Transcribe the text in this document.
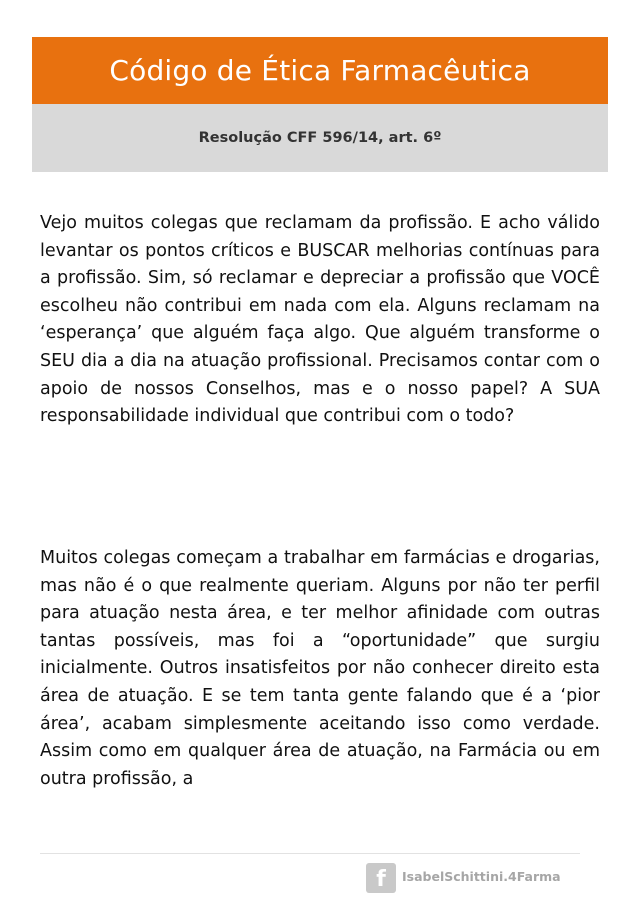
Código de Ética Farmacêutica
Resolução CFF 596/14, art. 6º

Vejo muitos colegas que reclamam da profissão. E acho válido levantar os pontos críticos e BUSCAR melhorias contínuas para a profissão. Sim, só reclamar e depreciar a profissão que VOCÊ escolheu não contribui em nada com ela. Alguns reclamam na ‘esperança’ que alguém faça algo. Que alguém transforme o SEU dia a dia na atuação profissional. Precisamos contar com o apoio de nossos Conselhos, mas e o nosso papel? A SUA responsabilidade individual que contribui com o todo?

Muitos colegas começam a trabalhar em farmácias e drogarias, mas não é o que realmente queriam. Alguns por não ter perfil para atuação nesta área, e ter melhor afinidade com outras tantas possíveis, mas foi a “oportunidade” que surgiu inicialmente. Outros insatisfeitos por não conhecer direito esta área de atuação. E se tem tanta gente falando que é a ‘pior área’, acabam simplesmente aceitando isso como verdade. Assim como em qualquer área de atuação, na Farmácia ou em outra profissão, a

f	IsabelSchittini.4Farma
